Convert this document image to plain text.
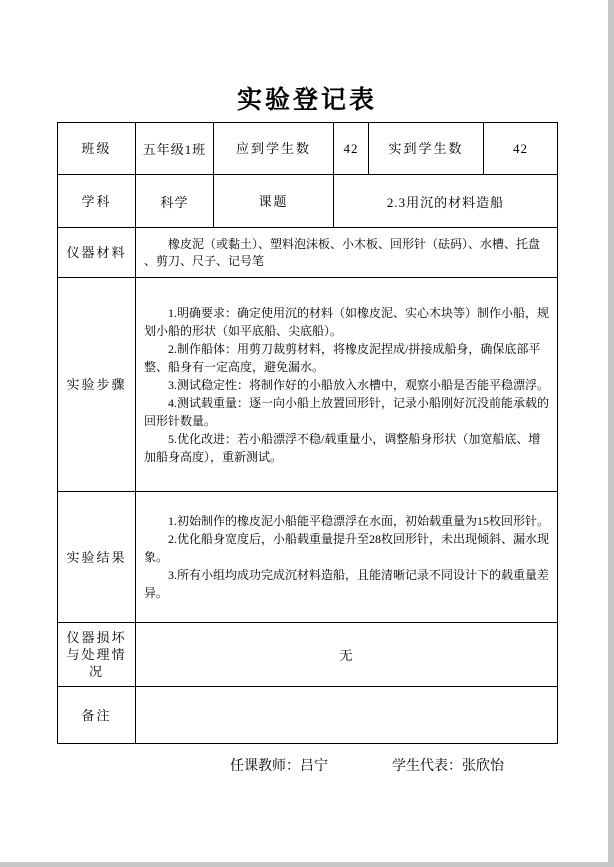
实验登记表
班级	五年级1班	应到学生数	42	实到学生数	42
学科	科学	课题	2.3用沉的材料造船		
仪器材料	橡皮泥（或黏土）、塑料泡沫板、小木板、回形针（砝码）、水槽、托盘、剪刀、尺子、记号笔				

实验步骤	1.明确要求：确定使用沉的材料（如橡皮泥、实心木块等）制作小船，规划小船的形状（如平底船、尖底船）。

2.制作船体：用剪刀裁剪材料，将橡皮泥捏成/拼接成船身，确保底部平整、船身有一定高度，避免漏水。

3.测试稳定性：将制作好的小船放入水槽中，观察小船是否能平稳漂浮。

4.测试载重量：逐一向小船上放置回形针，记录小船刚好沉没前能承载的回形针数量。

5.优化改进：若小船漂浮不稳/载重量小，调整船身形状（加宽船底、增加船身高度），重新测试。				

实验结果	1.初始制作的橡皮泥小船能平稳漂浮在水面，初始载重量为15枚回形针。

2.优化船身宽度后，小船载重量提升至28枚回形针，未出现倾斜、漏水现象。

3.所有小组均成功完成沉材料造船，且能清晰记录不同设计下的载重量差异。				

仪器损坏与处理情况	无				
备注					
任课教师：吕宁	学生代表：张欣怡
